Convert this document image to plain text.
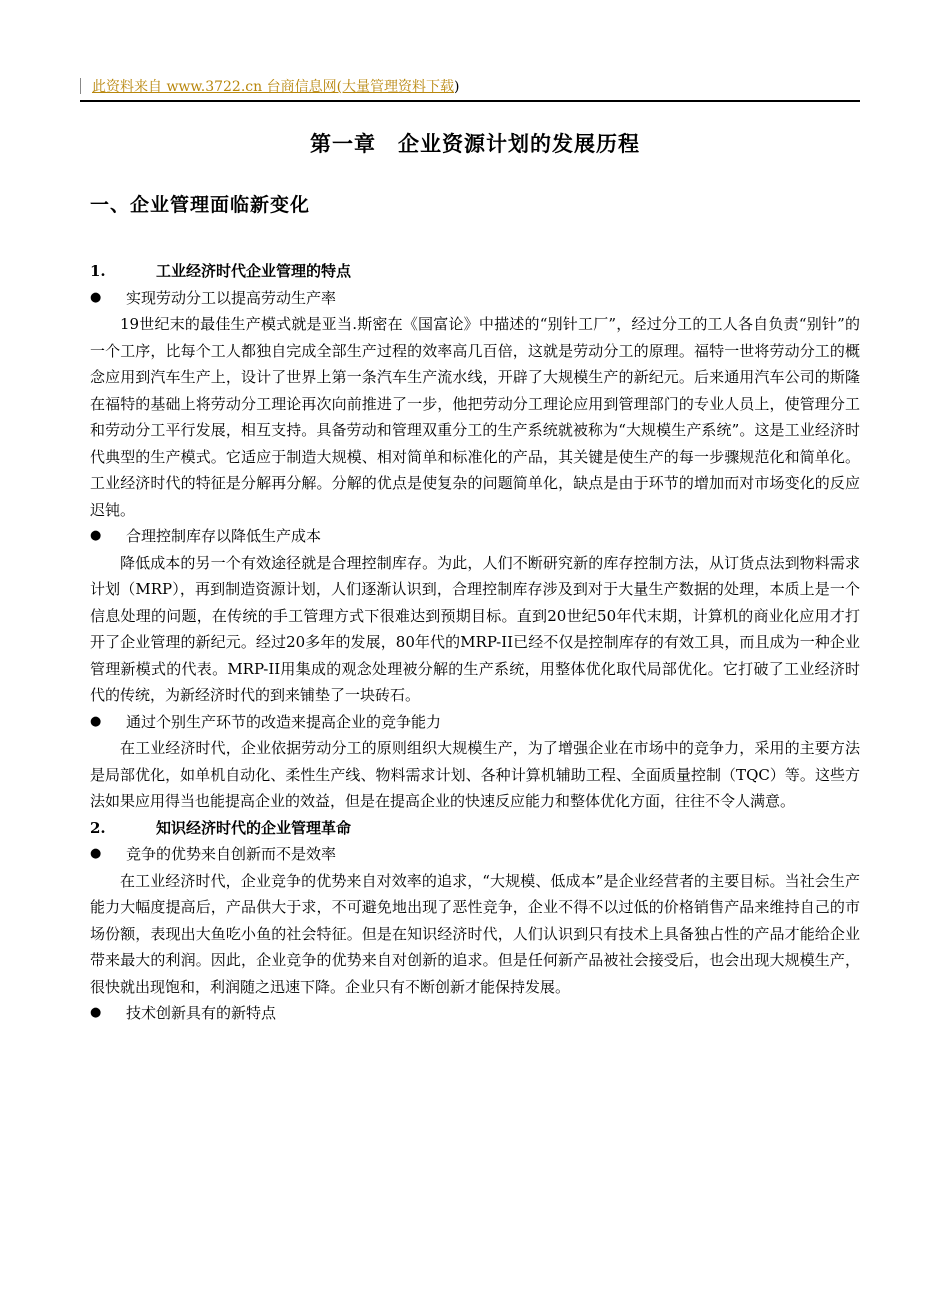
此资料来自 www.3722.cn 台商信息网(大量管理资料下载)
第一章　企业资源计划的发展历程
一、企业管理面临新变化
1.	工业经济时代企业管理的特点
● 实现劳动分工以提高劳动生产率
19世纪末的最佳生产模式就是亚当.斯密在《国富论》中描述的“别针工厂”，经过分工的工人各自负责“别针”的一个工序，比每个工人都独自完成全部生产过程的效率高几百倍，这就是劳动分工的原理。福特一世将劳动分工的概念应用到汽车生产上，设计了世界上第一条汽车生产流水线，开辟了大规模生产的新纪元。后来通用汽车公司的斯隆在福特的基础上将劳动分工理论再次向前推进了一步，他把劳动分工理论应用到管理部门的专业人员上，使管理分工和劳动分工平行发展，相互支持。具备劳动和管理双重分工的生产系统就被称为“大规模生产系统”。这是工业经济时代典型的生产模式。它适应于制造大规模、相对简单和标准化的产品，其关键是使生产的每一步骤规范化和简单化。工业经济时代的特征是分解再分解。分解的优点是使复杂的问题简单化，缺点是由于环节的增加而对市场变化的反应迟钝。
● 合理控制库存以降低生产成本
降低成本的另一个有效途径就是合理控制库存。为此，人们不断研究新的库存控制方法，从订货点法到物料需求计划（MRP），再到制造资源计划，人们逐渐认识到，合理控制库存涉及到对于大量生产数据的处理，本质上是一个信息处理的问题，在传统的手工管理方式下很难达到预期目标。直到20世纪50年代末期，计算机的商业化应用才打开了企业管理的新纪元。经过20多年的发展，80年代的MRP-II已经不仅是控制库存的有效工具，而且成为一种企业管理新模式的代表。MRP-II用集成的观念处理被分解的生产系统，用整体优化取代局部优化。它打破了工业经济时代的传统，为新经济时代的到来铺垫了一块砖石。
● 通过个别生产环节的改造来提高企业的竞争能力
在工业经济时代，企业依据劳动分工的原则组织大规模生产，为了增强企业在市场中的竞争力，采用的主要方法是局部优化，如单机自动化、柔性生产线、物料需求计划、各种计算机辅助工程、全面质量控制（TQC）等。这些方法如果应用得当也能提高企业的效益，但是在提高企业的快速反应能力和整体优化方面，往往不令人满意。
2.	知识经济时代的企业管理革命
● 竞争的优势来自创新而不是效率
在工业经济时代，企业竞争的优势来自对效率的追求，“大规模、低成本”是企业经营者的主要目标。当社会生产能力大幅度提高后，产品供大于求，不可避免地出现了恶性竞争，企业不得不以过低的价格销售产品来维持自己的市场份额，表现出大鱼吃小鱼的社会特征。但是在知识经济时代，人们认识到只有技术上具备独占性的产品才能给企业带来最大的利润。因此，企业竞争的优势来自对创新的追求。但是任何新产品被社会接受后，也会出现大规模生产，很快就出现饱和，利润随之迅速下降。企业只有不断创新才能保持发展。
● 技术创新具有的新特点
